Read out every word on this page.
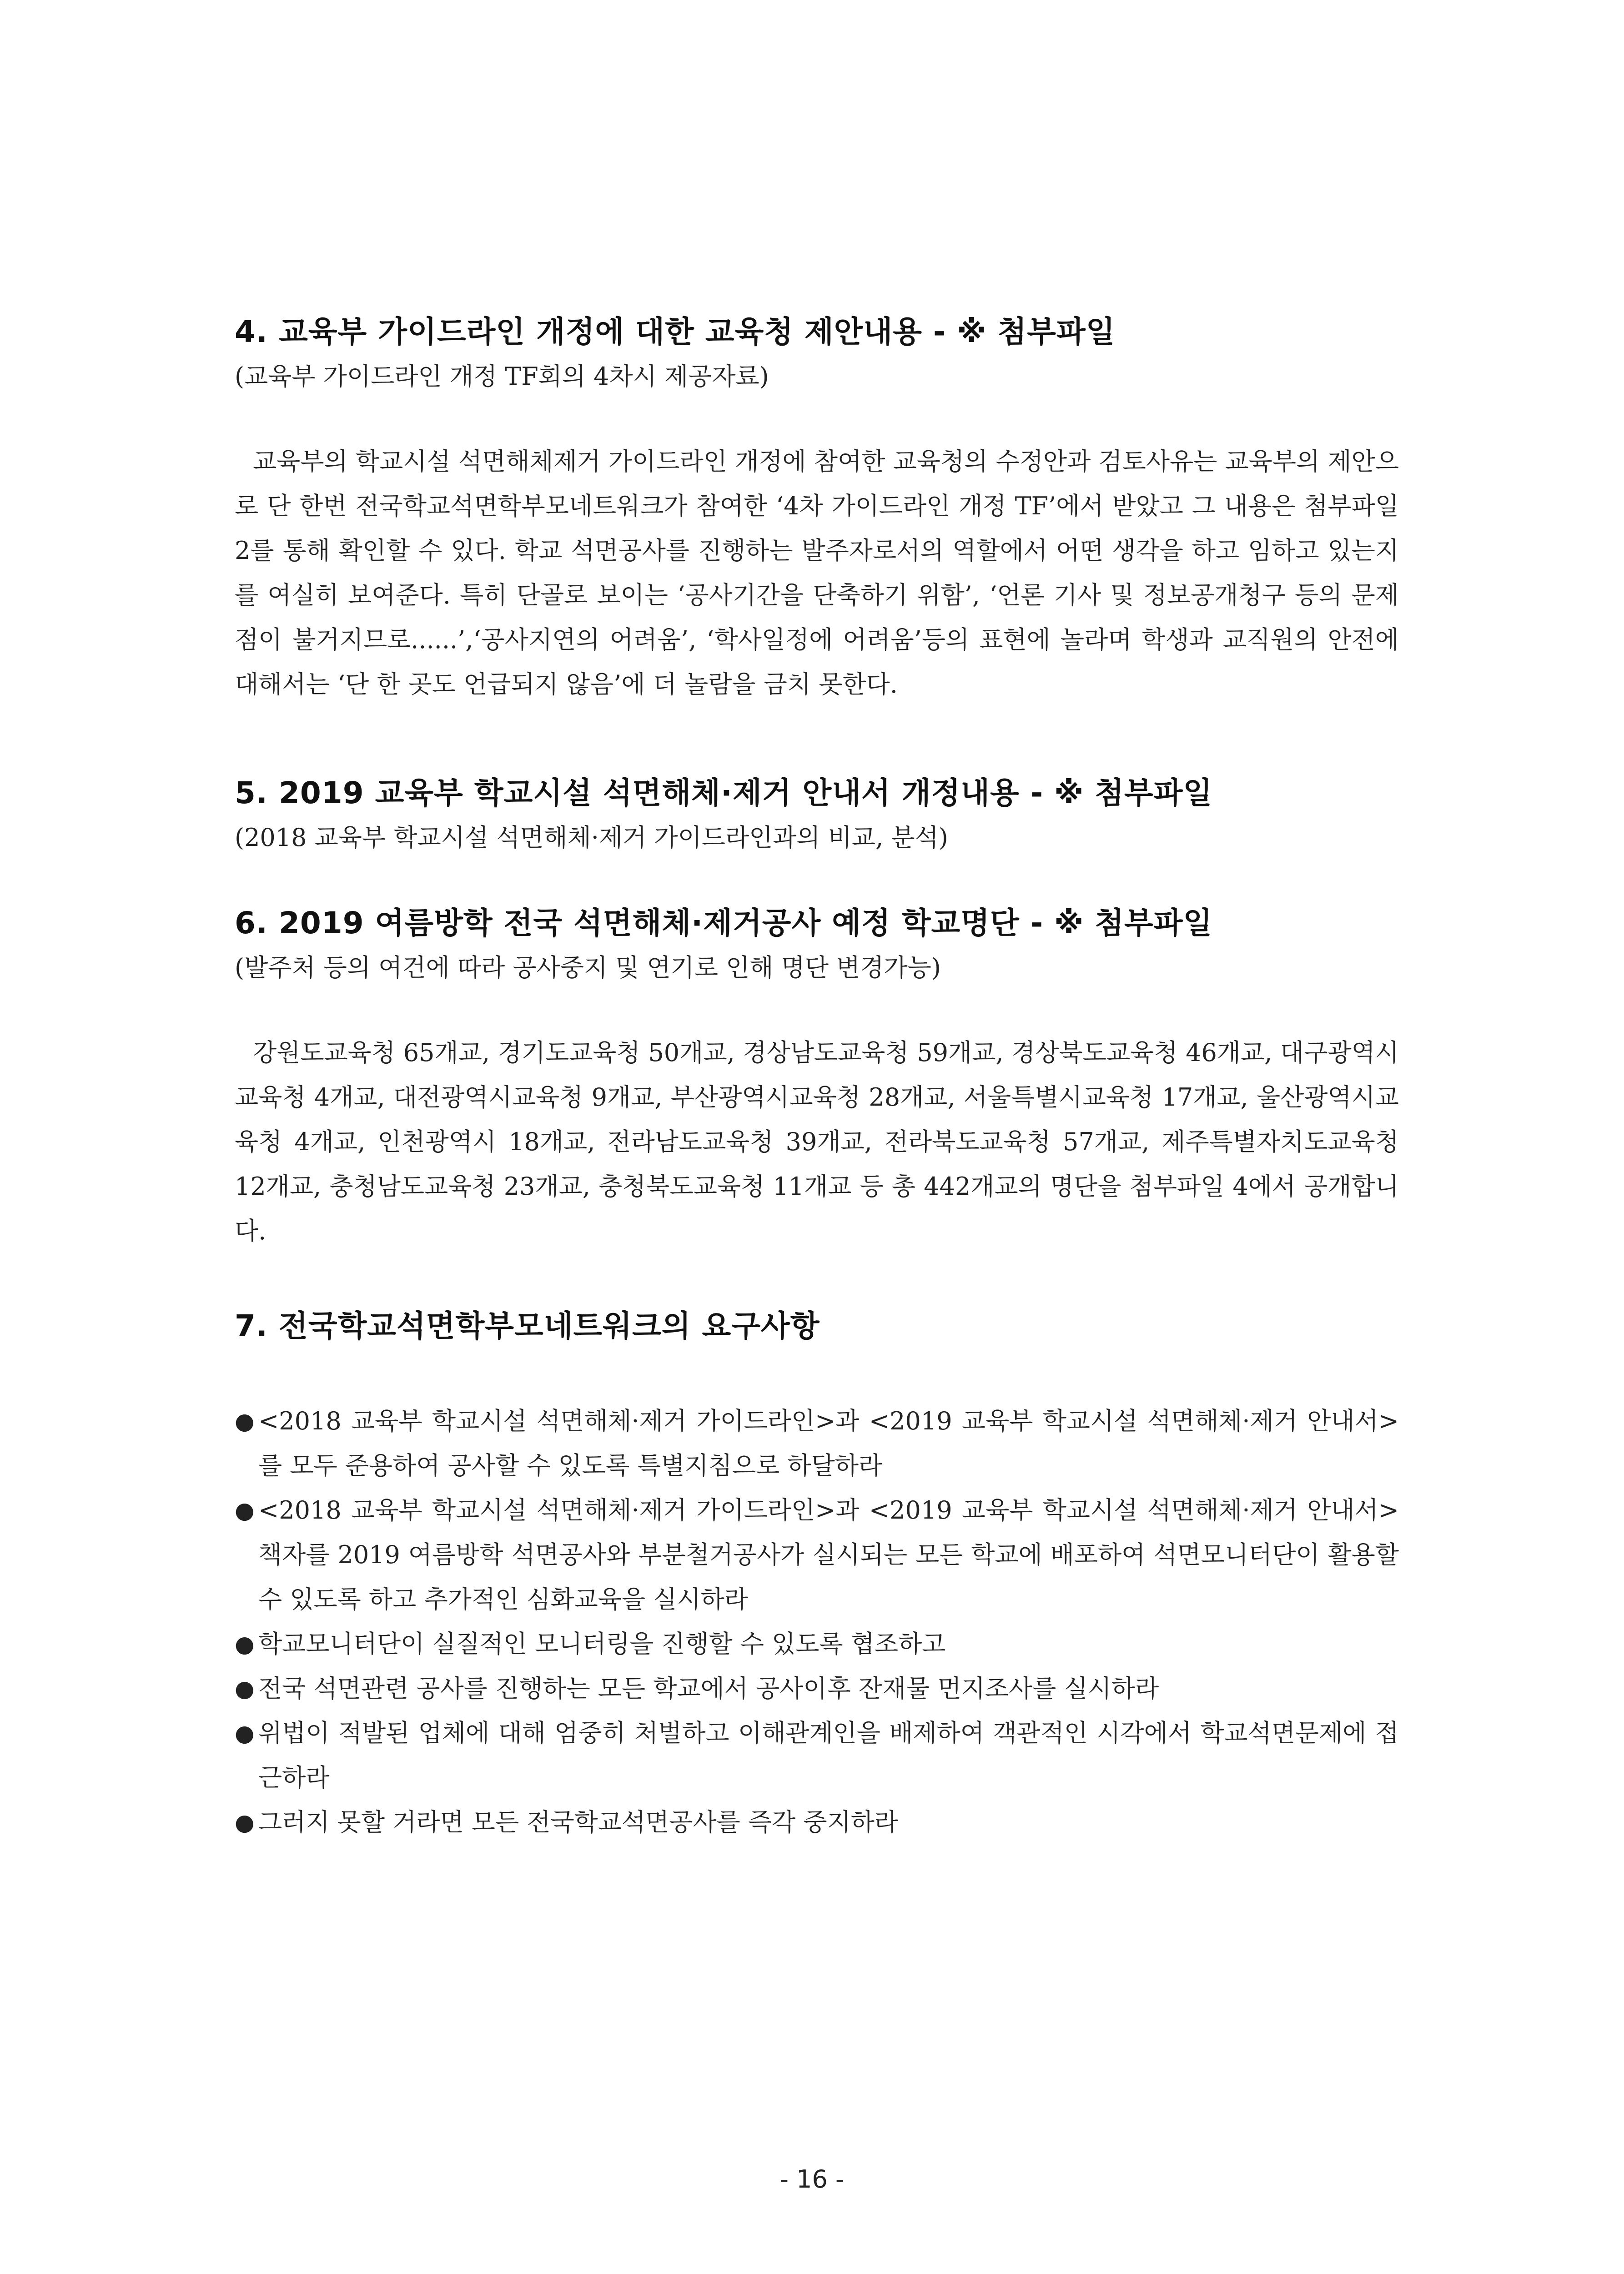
4. 교육부 가이드라인 개정에 대한 교육청 제안내용 - ※ 첨부파일

(교육부 가이드라인 개정 TF회의 4차시 제공자료)

교육부의 학교시설 석면해체제거 가이드라인 개정에 참여한 교육청의 수정안과 검토사유는 교육부의 제안으로 단 한번 전국학교석면학부모네트워크가 참여한 ‘4차 가이드라인 개정 TF’에서 받았고 그 내용은 첨부파일 2를 통해 확인할 수 있다. 학교 석면공사를 진행하는 발주자로서의 역할에서 어떤 생각을 하고 임하고 있는지를 여실히 보여준다. 특히 단골로 보이는 ‘공사기간을 단축하기 위함’, ‘언론 기사 및 정보공개청구 등의 문제점이 불거지므로......’,‘공사지연의 어려움’, ‘학사일정에 어려움’등의 표현에 놀라며 학생과 교직원의 안전에 대해서는 ‘단 한 곳도 언급되지 않음’에 더 놀람을 금치 못한다.

5. 2019 교육부 학교시설 석면해체·제거 안내서 개정내용 - ※ 첨부파일

(2018 교육부 학교시설 석면해체·제거 가이드라인과의 비교, 분석)

6. 2019 여름방학 전국 석면해체·제거공사 예정 학교명단 - ※ 첨부파일

(발주처 등의 여건에 따라 공사중지 및 연기로 인해 명단 변경가능)

강원도교육청 65개교, 경기도교육청 50개교, 경상남도교육청 59개교, 경상북도교육청 46개교, 대구광역시교육청 4개교, 대전광역시교육청 9개교, 부산광역시교육청 28개교, 서울특별시교육청 17개교, 울산광역시교육청 4개교, 인천광역시 18개교, 전라남도교육청 39개교, 전라북도교육청 57개교, 제주특별자치도교육청 12개교, 충청남도교육청 23개교, 충청북도교육청 11개교 등 총 442개교의 명단을 첨부파일 4에서 공개합니다.

7. 전국학교석면학부모네트워크의 요구사항
● <2018 교육부 학교시설 석면해체·제거 가이드라인>과 <2019 교육부 학교시설 석면해체·제거 안내서>를 모두 준용하여 공사할 수 있도록 특별지침으로 하달하라
● <2018 교육부 학교시설 석면해체·제거 가이드라인>과 <2019 교육부 학교시설 석면해체·제거 안내서> 책자를 2019 여름방학 석면공사와 부분철거공사가 실시되는 모든 학교에 배포하여 석면모니터단이 활용할 수 있도록 하고 추가적인 심화교육을 실시하라
● 학교모니터단이 실질적인 모니터링을 진행할 수 있도록 협조하고
● 전국 석면관련 공사를 진행하는 모든 학교에서 공사이후 잔재물 먼지조사를 실시하라
● 위법이 적발된 업체에 대해 엄중히 처벌하고 이해관계인을 배제하여 객관적인 시각에서 학교석면문제에 접근하라
● 그러지 못할 거라면 모든 전국학교석면공사를 즉각 중지하라
- 16 -
